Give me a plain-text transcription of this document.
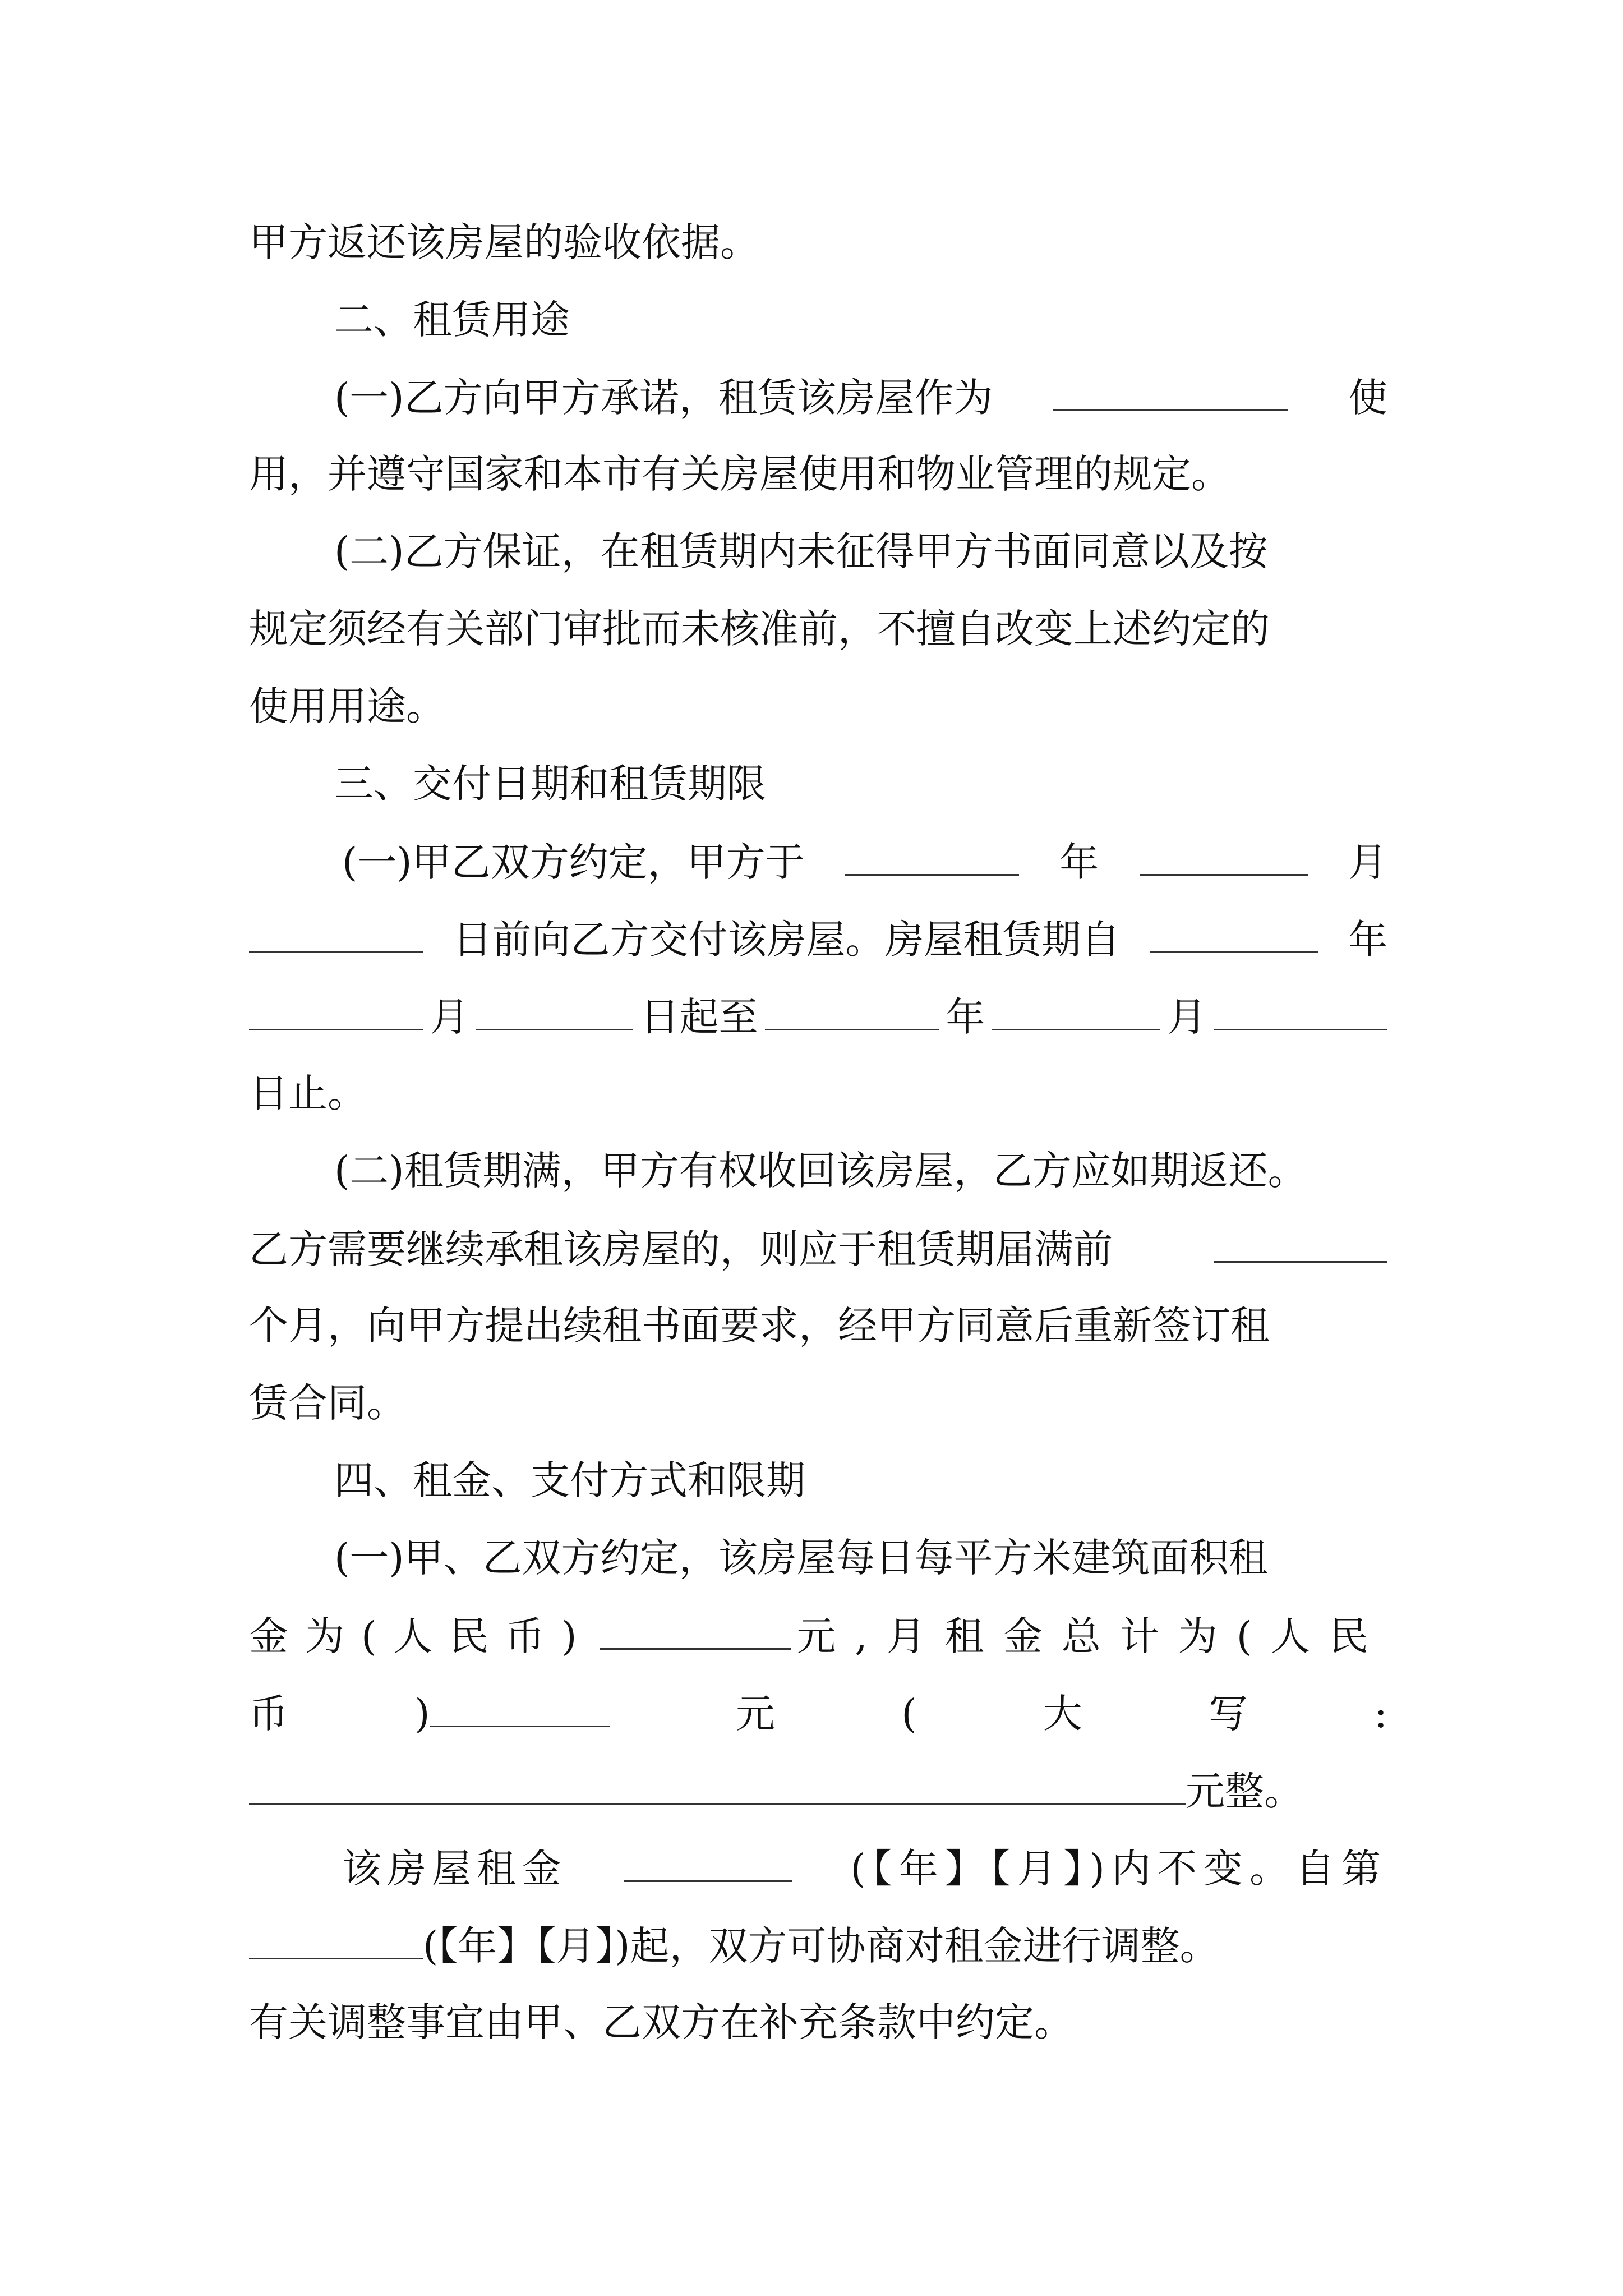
甲方返还该房屋的验收依据。
二、租赁用途
(一)乙方向甲方承诺，租赁该房屋作为	使
用，并遵守国家和本市有关房屋使用和物业管理的规定。
(二)乙方保证，在租赁期内未征得甲方书面同意以及按
规定须经有关部门审批而未核准前，不擅自改变上述约定的
使用用途。
三、交付日期和租赁期限
(一)甲乙双方约定，甲方于	年	月
日前向乙方交付该房屋。房屋租赁期自	年
月	日起至	年	月
日止。
(二)租赁期满，甲方有权收回该房屋，乙方应如期返还。
乙方需要继续承租该房屋的，则应于租赁期届满前
个月，向甲方提出续租书面要求，经甲方同意后重新签订租
赁合同。
四、租金、支付方式和限期
(一)甲、乙双方约定，该房屋每日每平方米建筑面积租
金为(人民币)	元,月租金总计为(人民
币	)	元	(	大	写	:
元整。
该房屋租金	(【年】【月】)内不变。自第
(【年】【月】)起，双方可协商对租金进行调整。
有关调整事宜由甲、乙双方在补充条款中约定。
